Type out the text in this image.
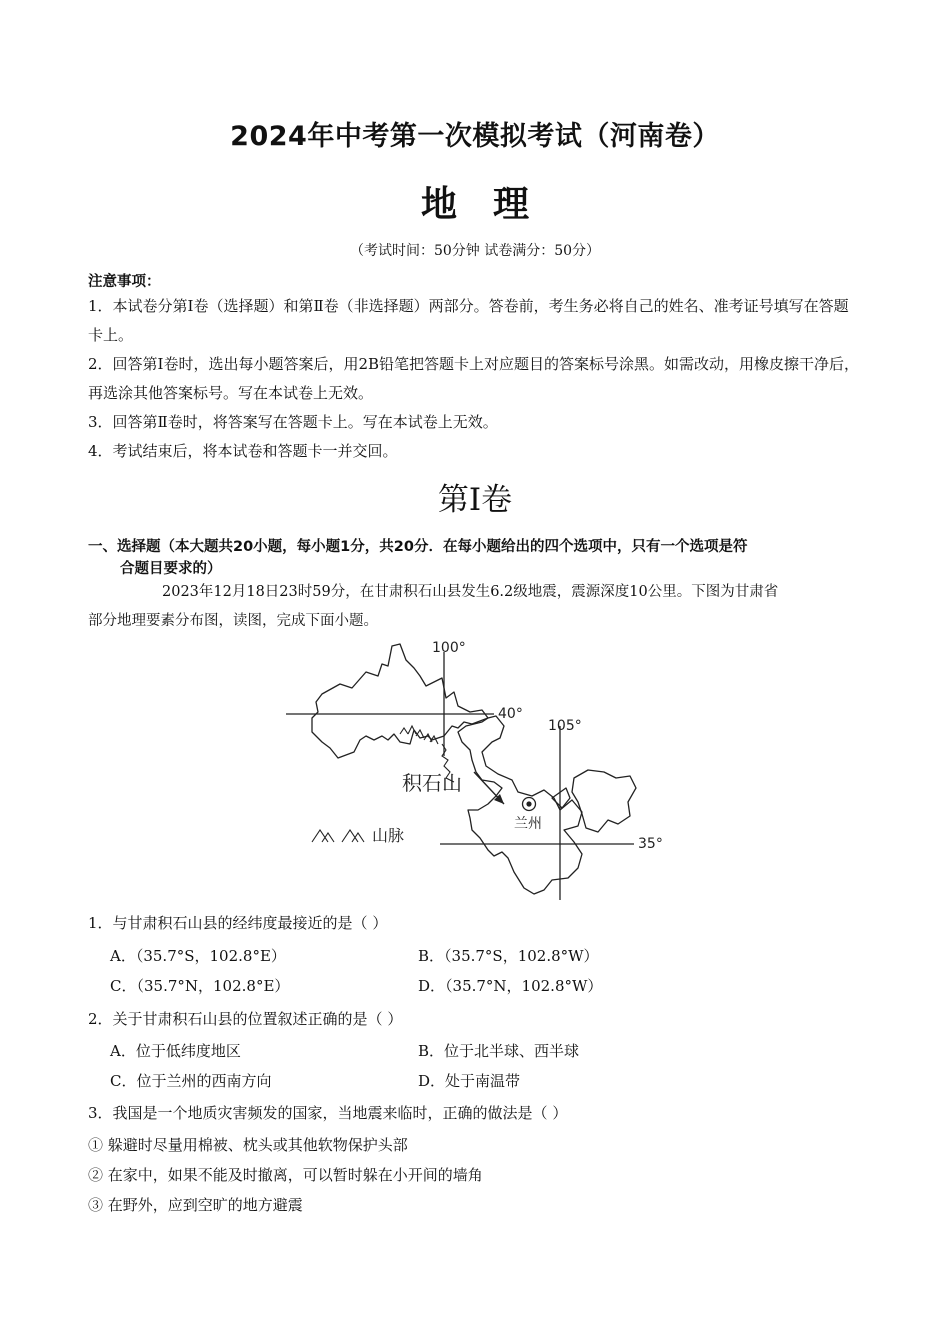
2024年中考第一次模拟考试（河南卷）
地理
（考试时间：50分钟 试卷满分：50分）
注意事项：

1．本试卷分第Ⅰ卷（选择题）和第Ⅱ卷（非选择题）两部分。答卷前，考生务必将自己的姓名、准考证号填写在答题卡上。

2．回答第Ⅰ卷时，选出每小题答案后，用2B铅笔把答题卡上对应题目的答案标号涂黑。如需改动，用橡皮擦干净后，再选涂其他答案标号。写在本试卷上无效。

3．回答第Ⅱ卷时，将答案写在答题卡上。写在本试卷上无效。

4．考试结束后，将本试卷和答题卡一并交回。

第Ⅰ卷
一、选择题（本大题共20小题，每小题1分，共20分．在每小题给出的四个选项中，只有一个选项是符
合题目要求的）
2023年12月18日23时59分，在甘肃积石山县发生6.2级地震，震源深度10公里。下图为甘肃省
部分地理要素分布图，读图，完成下面小题。
100°
105°
40°
35°
积石山
兰州
山脉
1．与甘肃积石山县的经纬度最接近的是（ ）
A．（35.7°S，102.8°E）	B．（35.7°S，102.8°W）
C．（35.7°N，102.8°E）	D．（35.7°N，102.8°W）
2．关于甘肃积石山县的位置叙述正确的是（ ）
A．位于低纬度地区	B．位于北半球、西半球
C．位于兰州的西南方向	D．处于南温带
3．我国是一个地质灾害频发的国家，当地震来临时，正确的做法是（ ）
① 躲避时尽量用棉被、枕头或其他软物保护头部
② 在家中，如果不能及时撤离，可以暂时躲在小开间的墙角
③ 在野外，应到空旷的地方避震
